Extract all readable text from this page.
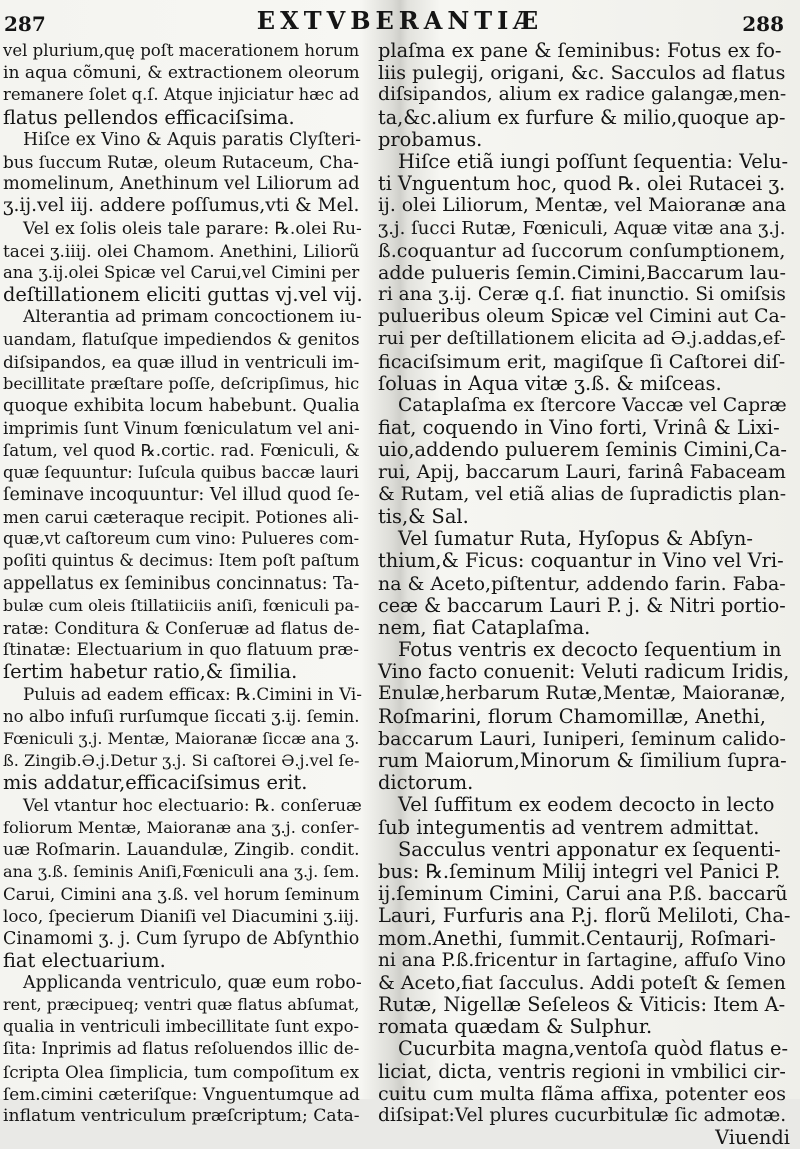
287	EXTVBERANTIÆ	288
vel plurium,quę poſt macerationem horum
in aqua cõmuni, & extractionem oleorum
remanere ſolet q.ſ. Atque injiciatur hæc ad
flatus pellendos efficaciſsima.
Hiſce ex Vino & Aquis paratis Clyſteri-
bus ſuccum Rutæ, oleum Rutaceum, Cha-
momelinum, Anethinum vel Liliorum ad
ʒ.ij.vel iij. addere poſſumus,vti & Mel.
Vel ex ſolis oleis tale parare: ℞.olei Ru-
tacei ʒ.iiij. olei Chamom. Anethini, Liliorũ
ana ʒ.ij.olei Spicæ vel Carui,vel Cimini per
deſtillationem eliciti guttas vj.vel vij.
Alterantia ad primam concoctionem iu-
uandam, flatuſque impediendos & genitos
diſsipandos, ea quæ illud in ventriculi im-
becillitate præſtare poſſe, deſcripſimus, hic
quoque exhibita locum habebunt. Qualia
imprimis ſunt Vinum fœniculatum vel ani-
ſatum, vel quod ℞.cortic. rad. Fœniculi, &
quæ ſequuntur: Iuſcula quibus baccæ lauri
ſeminave incoquuntur: Vel illud quod ſe-
men carui cæteraque recipit. Potiones ali-
quæ,vt caſtoreum cum vino: Pulueres com-
poſiti quintus & decimus: Item poſt paſtum
appellatus ex ſeminibus concinnatus: Ta-
bulæ cum oleis ſtillatiiciis aniſi, fœniculi pa-
ratæ: Conditura & Conſeruæ ad flatus de-
ſtinatæ: Electuarium in quo flatuum præ-
ſertim habetur ratio,& ſimilia.
Puluis ad eadem efficax: ℞.Cimini in Vi-
no albo infuſi rurſumque ſiccati ʒ.ij. ſemin.
Fœniculi ʒ.j. Mentæ, Maioranæ ſiccæ ana ʒ.
ß. Zingib.Ə.j.Detur ʒ.j. Si caſtorei Ə.j.vel ſe-
mis addatur,efficaciſsimus erit.
Vel vtantur hoc electuario: ℞. conſeruæ
foliorum Mentæ, Maioranæ ana ʒ.j. conſer-
uæ Roſmarin. Lauandulæ, Zingib. condit.
ana ʒ.ß. ſeminis Aniſi,Fœniculi ana ʒ.j. ſem.
Carui, Cimini ana ʒ.ß. vel horum ſeminum
loco, ſpecierum Dianiſi vel Diacumini ʒ.iij.
Cinamomi ʒ. j. Cum ſyrupo de Abſynthio
fiat electuarium.
Applicanda ventriculo, quæ eum robo-
rent, præcipueq; ventri quæ flatus abſumat,
qualia in ventriculi imbecillitate ſunt expo-
ſita: Inprimis ad flatus reſoluendos illic de-
ſcripta Olea ſimplicia, tum compoſitum ex
ſem.cimini cæteriſque: Vnguentumque ad
inflatum ventriculum præſcriptum; Cata-
plaſma ex pane & ſeminibus: Fotus ex fo-
liis pulegij, origani, &c. Sacculos ad flatus
diſsipandos, alium ex radice galangæ,men-
ta,&c.alium ex furfure & milio,quoque ap-
probamus.
Hiſce etiã iungi poſſunt ſequentia: Velu-
ti Vnguentum hoc, quod ℞. olei Rutacei ʒ.
ij. olei Liliorum, Mentæ, vel Maioranæ ana
ʒ.j. ſucci Rutæ, Fœniculi, Aquæ vitæ ana ʒ.j.
ß.coquantur ad ſuccorum conſumptionem,
adde pulueris ſemin.Cimini,Baccarum lau-
ri ana ʒ.ij. Ceræ q.ſ. fiat inunctio. Si omiſsis
pulueribus oleum Spicæ vel Cimini aut Ca-
rui per deſtillationem elicita ad Ə.j.addas,ef-
ficaciſsimum erit, magiſque ſi Caſtorei diſ-
ſoluas in Aqua vitæ ʒ.ß. & miſceas.
Cataplaſma ex ſtercore Vaccæ vel Capræ
fiat, coquendo in Vino forti, Vrinâ & Lixi-
uio,addendo puluerem ſeminis Cimini,Ca-
rui, Apij, baccarum Lauri, farinâ Fabaceam
& Rutam, vel etiã alias de ſupradictis plan-
tis,& Sal.
Vel ſumatur Ruta, Hyſopus & Abſyn-
thium,& Ficus: coquantur in Vino vel Vri-
na & Aceto,piſtentur, addendo farin. Faba-
ceæ & baccarum Lauri P. j. & Nitri portio-
nem, fiat Cataplaſma.
Fotus ventris ex decocto ſequentium in
Vino facto conuenit: Veluti radicum Iridis,
Enulæ,herbarum Rutæ,Mentæ, Maioranæ,
Roſmarini, florum Chamomillæ, Anethi,
baccarum Lauri, Iuniperi, ſeminum calido-
rum Maiorum,Minorum & ſimilium ſupra-
dictorum.
Vel ſuffitum ex eodem decocto in lecto
ſub integumentis ad ventrem admittat.
Sacculus ventri apponatur ex ſequenti-
bus: ℞.ſeminum Milij integri vel Panici P.
ij.ſeminum Cimini, Carui ana P.ß. baccarũ
Lauri, Furfuris ana P.j. florũ Meliloti, Cha-
mom.Anethi, ſummit.Centaurij, Roſmari-
ni ana P.ß.fricentur in ſartagine, affuſo Vino
& Aceto,fiat ſacculus. Addi poteſt & ſemen
Rutæ, Nigellæ Seſeleos & Viticis: Item A-
romata quædam & Sulphur.
Cucurbita magna,ventoſa quòd flatus e-
liciat, dicta, ventris regioni in vmbilici cir-
cuitu cum multa flãma affixa, potenter eos
diſsipat:Vel plures cucurbitulæ ſic admotæ.
Viuendi
